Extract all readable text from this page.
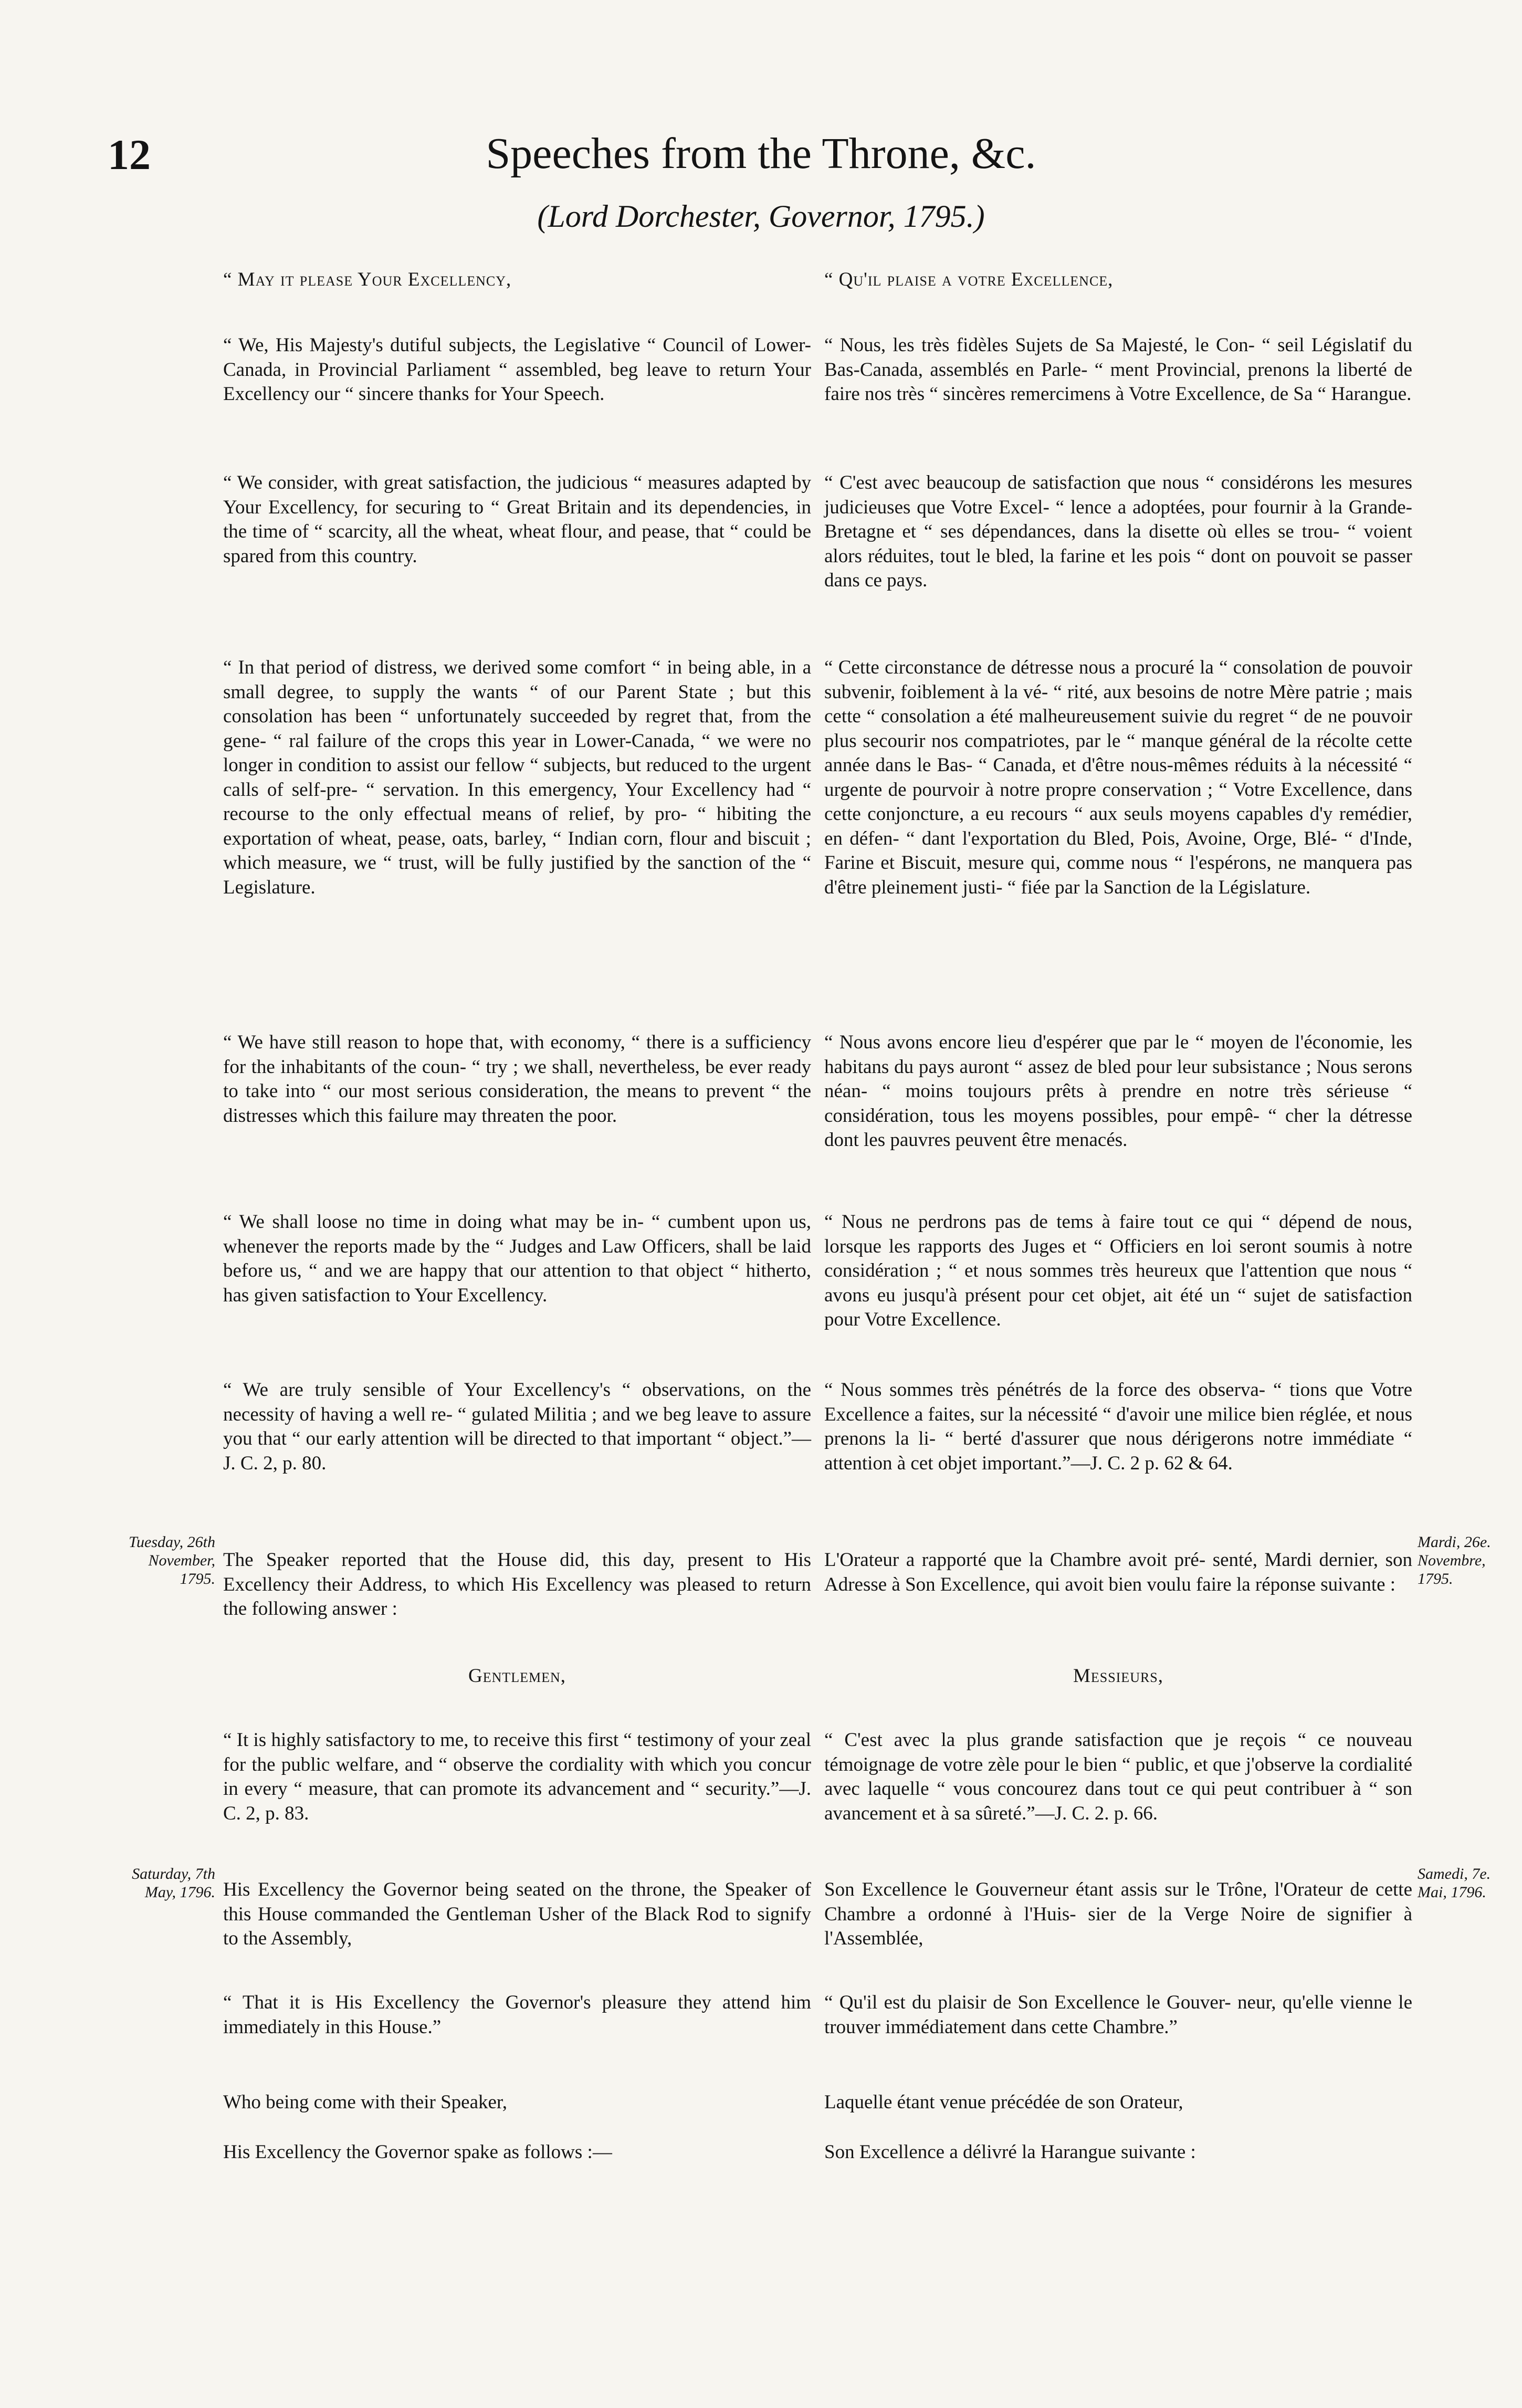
12	Speeches from the Throne, &c.
(Lord Dorchester, Governor, 1795.)
“ May it please Your Excellency,	“ Qu'il plaise a votre Excellence,

“ We, His Majesty's dutiful subjects, the Legislative “ Council of Lower-Canada, in Provincial Parliament “ assembled, beg leave to return Your Excellency our “ sincere thanks for Your Speech.

“ We consider, with great satisfaction, the judicious “ measures adapted by Your Excellency, for securing to “ Great Britain and its dependencies, in the time of “ scarcity, all the wheat, wheat flour, and pease, that “ could be spared from this country.

“ In that period of distress, we derived some comfort “ in being able, in a small degree, to supply the wants “ of our Parent State ; but this consolation has been “ unfortunately succeeded by regret that, from the gene- “ ral failure of the crops this year in Lower-Canada, “ we were no longer in condition to assist our fellow “ subjects, but reduced to the urgent calls of self-pre- “ servation. In this emergency, Your Excellency had “ recourse to the only effectual means of relief, by pro- “ hibiting the exportation of wheat, pease, oats, barley, “ Indian corn, flour and biscuit ; which measure, we “ trust, will be fully justified by the sanction of the “ Legislature.

“ We have still reason to hope that, with economy, “ there is a sufficiency for the inhabitants of the coun- “ try ; we shall, nevertheless, be ever ready to take into “ our most serious consideration, the means to prevent “ the distresses which this failure may threaten the poor.

“ We shall loose no time in doing what may be in- “ cumbent upon us, whenever the reports made by the “ Judges and Law Officers, shall be laid before us, “ and we are happy that our attention to that object “ hitherto, has given satisfaction to Your Excellency.

“ We are truly sensible of Your Excellency's “ observations, on the necessity of having a well re- “ gulated Militia ; and we beg leave to assure you that “ our early attention will be directed to that important “ object.”—J. C. 2, p. 80.

“ Nous, les très fidèles Sujets de Sa Majesté, le Con- “ seil Législatif du Bas-Canada, assemblés en Parle- “ ment Provincial, prenons la liberté de faire nos très “ sincères remercimens à Votre Excellence, de Sa “ Harangue.

“ C'est avec beaucoup de satisfaction que nous “ considérons les mesures judicieuses que Votre Excel- “ lence a adoptées, pour fournir à la Grande-Bretagne et “ ses dépendances, dans la disette où elles se trou- “ voient alors réduites, tout le bled, la farine et les pois “ dont on pouvoit se passer dans ce pays.

“ Cette circonstance de détresse nous a procuré la “ consolation de pouvoir subvenir, foiblement à la vé- “ rité, aux besoins de notre Mère patrie ; mais cette “ consolation a été malheureusement suivie du regret “ de ne pouvoir plus secourir nos compatriotes, par le “ manque général de la récolte cette année dans le Bas- “ Canada, et d'être nous-mêmes réduits à la nécessité “ urgente de pourvoir à notre propre conservation ; “ Votre Excellence, dans cette conjoncture, a eu recours “ aux seuls moyens capables d'y remédier, en défen- “ dant l'exportation du Bled, Pois, Avoine, Orge, Blé- “ d'Inde, Farine et Biscuit, mesure qui, comme nous “ l'espérons, ne manquera pas d'être pleinement justi- “ fiée par la Sanction de la Législature.

“ Nous avons encore lieu d'espérer que par le “ moyen de l'économie, les habitans du pays auront “ assez de bled pour leur subsistance ; Nous serons néan- “ moins toujours prêts à prendre en notre très sérieuse “ considération, tous les moyens possibles, pour empê- “ cher la détresse dont les pauvres peuvent être menacés.

“ Nous ne perdrons pas de tems à faire tout ce qui “ dépend de nous, lorsque les rapports des Juges et “ Officiers en loi seront soumis à notre considération ; “ et nous sommes très heureux que l'attention que nous “ avons eu jusqu'à présent pour cet objet, ait été un “ sujet de satisfaction pour Votre Excellence.

“ Nous sommes très pénétrés de la force des observa- “ tions que Votre Excellence a faites, sur la nécessité “ d'avoir une milice bien réglée, et nous prenons la li- “ berté d'assurer que nous dérigerons notre immédiate “ attention à cet objet important.”—J. C. 2 p. 62 & 64.

Tuesday, 26th November, 1795.

The Speaker reported that the House did, this day, present to His Excellency their Address, to which His Excellency was pleased to return the following answer :

L'Orateur a rapporté que la Chambre avoit pré- senté, Mardi dernier, son Adresse à Son Excellence, qui avoit bien voulu faire la réponse suivante :

Mardi, 26e. Novembre, 1795.
Gentlemen,	Messieurs,

“ It is highly satisfactory to me, to receive this first “ testimony of your zeal for the public welfare, and “ observe the cordiality with which you concur in every “ measure, that can promote its advancement and “ security.”—J. C. 2, p. 83.

“ C'est avec la plus grande satisfaction que je reçois “ ce nouveau témoignage de votre zèle pour le bien “ public, et que j'observe la cordialité avec laquelle “ vous concourez dans tout ce qui peut contribuer à “ son avancement et à sa sûreté.”—J. C. 2. p. 66.

Saturday, 7th May, 1796. His Excellency the Governor being seated on the throne, the Speaker of this House commanded the Gentleman Usher of the Black Rod to signify to the Assembly,

Son Excellence le Gouverneur étant assis sur le Trône, l'Orateur de cette Chambre a ordonné à l'Huis- sier de la Verge Noire de signifier à l'Assemblée,

Samedi, 7e. Mai, 1796.

“ That it is His Excellency the Governor's pleasure they attend him immediately in this House.”

“ Qu'il est du plaisir de Son Excellence le Gouver- neur, qu'elle vienne le trouver immédiatement dans cette Chambre.”

Who being come with their Speaker,	Laquelle étant venue précédée de son Orateur,

His Excellency the Governor spake as follows :—	Son Excellence a délivré la Harangue suivante :
